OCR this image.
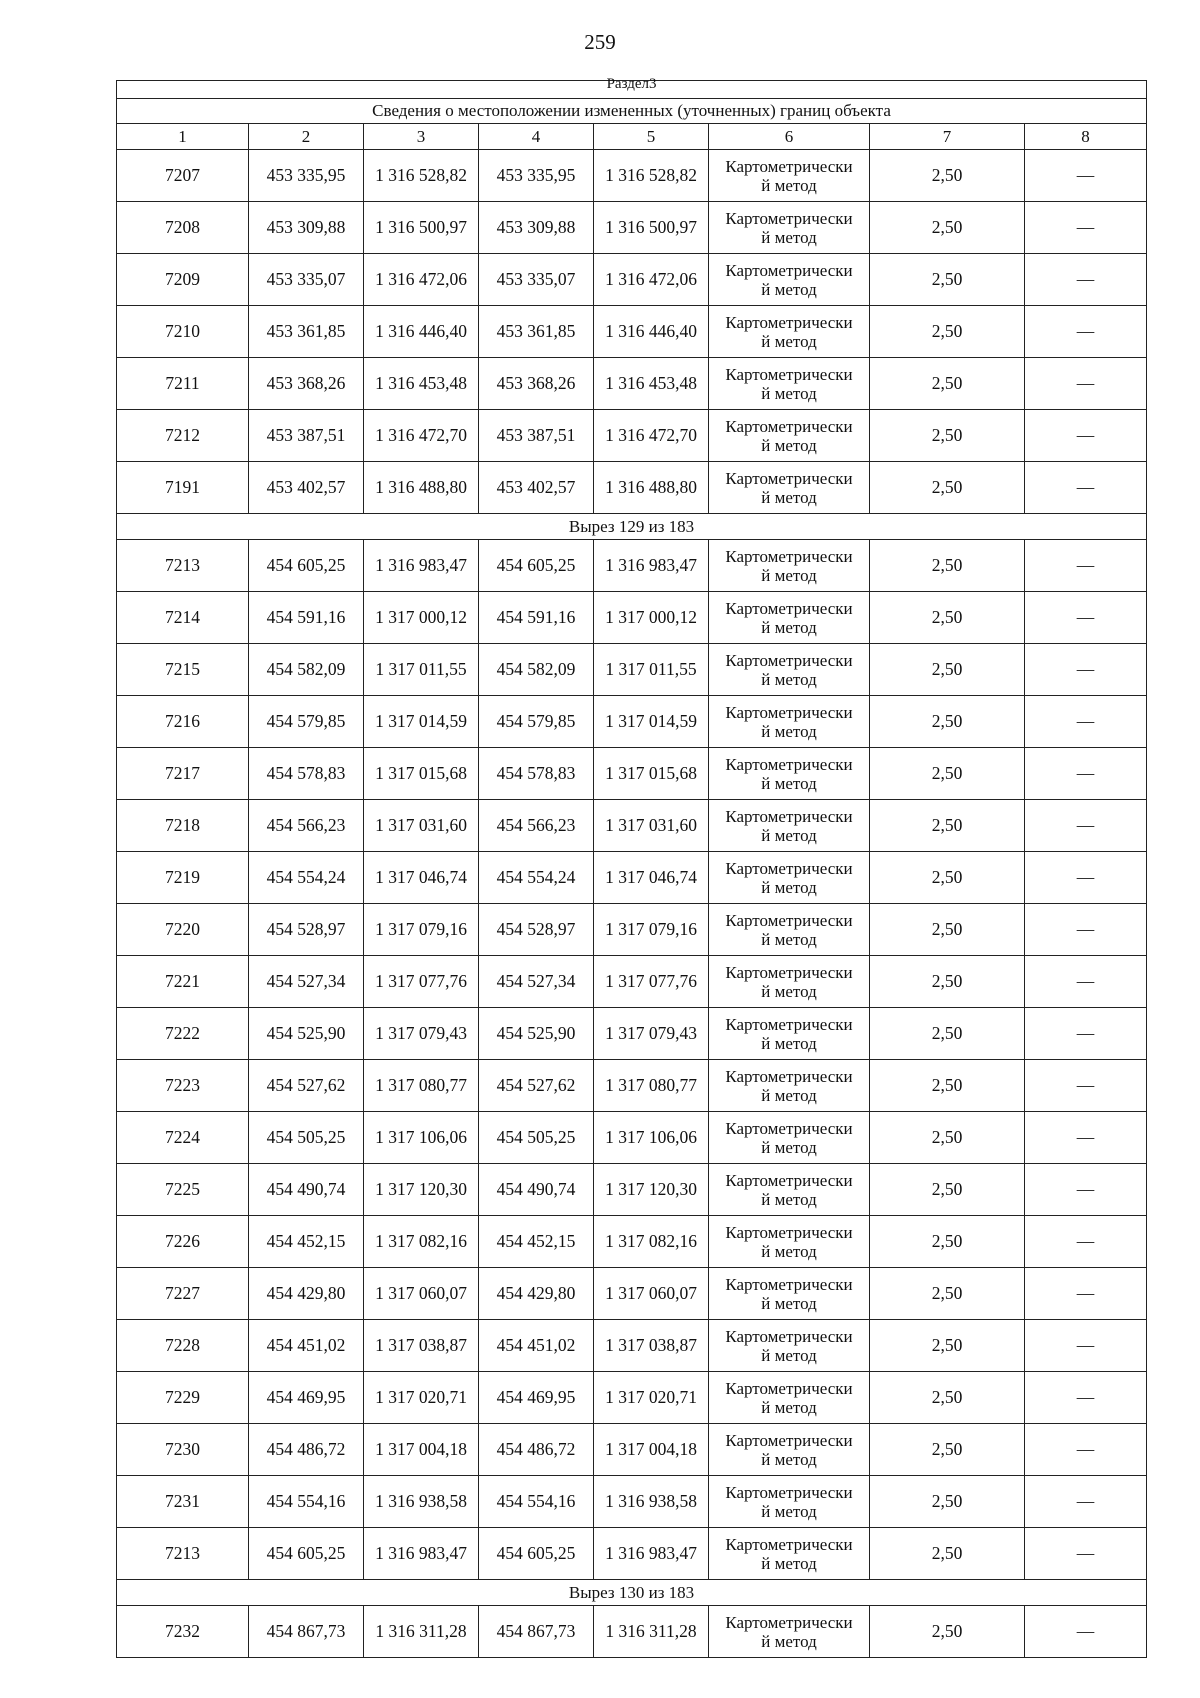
259
Раздел3							
Сведения о местоположении измененных (уточненных) границ объекта							
1	2	3	4	5	6	7	8
7207	453 335,95	1 316 528,82	453 335,95	1 316 528,82	Картометрически
й метод	2,50	—
7208	453 309,88	1 316 500,97	453 309,88	1 316 500,97	Картометрически
й метод	2,50	—
7209	453 335,07	1 316 472,06	453 335,07	1 316 472,06	Картометрически
й метод	2,50	—
7210	453 361,85	1 316 446,40	453 361,85	1 316 446,40	Картометрически
й метод	2,50	—
7211	453 368,26	1 316 453,48	453 368,26	1 316 453,48	Картометрически
й метод	2,50	—
7212	453 387,51	1 316 472,70	453 387,51	1 316 472,70	Картометрически
й метод	2,50	—
7191	453 402,57	1 316 488,80	453 402,57	1 316 488,80	Картометрически
й метод	2,50	—
Вырез 129 из 183							
7213	454 605,25	1 316 983,47	454 605,25	1 316 983,47	Картометрически
й метод	2,50	—
7214	454 591,16	1 317 000,12	454 591,16	1 317 000,12	Картометрически
й метод	2,50	—
7215	454 582,09	1 317 011,55	454 582,09	1 317 011,55	Картометрически
й метод	2,50	—
7216	454 579,85	1 317 014,59	454 579,85	1 317 014,59	Картометрически
й метод	2,50	—
7217	454 578,83	1 317 015,68	454 578,83	1 317 015,68	Картометрически
й метод	2,50	—
7218	454 566,23	1 317 031,60	454 566,23	1 317 031,60	Картометрически
й метод	2,50	—
7219	454 554,24	1 317 046,74	454 554,24	1 317 046,74	Картометрически
й метод	2,50	—
7220	454 528,97	1 317 079,16	454 528,97	1 317 079,16	Картометрически
й метод	2,50	—
7221	454 527,34	1 317 077,76	454 527,34	1 317 077,76	Картометрически
й метод	2,50	—
7222	454 525,90	1 317 079,43	454 525,90	1 317 079,43	Картометрически
й метод	2,50	—
7223	454 527,62	1 317 080,77	454 527,62	1 317 080,77	Картометрически
й метод	2,50	—
7224	454 505,25	1 317 106,06	454 505,25	1 317 106,06	Картометрически
й метод	2,50	—
7225	454 490,74	1 317 120,30	454 490,74	1 317 120,30	Картометрически
й метод	2,50	—
7226	454 452,15	1 317 082,16	454 452,15	1 317 082,16	Картометрически
й метод	2,50	—
7227	454 429,80	1 317 060,07	454 429,80	1 317 060,07	Картометрически
й метод	2,50	—
7228	454 451,02	1 317 038,87	454 451,02	1 317 038,87	Картометрически
й метод	2,50	—
7229	454 469,95	1 317 020,71	454 469,95	1 317 020,71	Картометрически
й метод	2,50	—
7230	454 486,72	1 317 004,18	454 486,72	1 317 004,18	Картометрически
й метод	2,50	—
7231	454 554,16	1 316 938,58	454 554,16	1 316 938,58	Картометрически
й метод	2,50	—
7213	454 605,25	1 316 983,47	454 605,25	1 316 983,47	Картометрически
й метод	2,50	—
Вырез 130 из 183							
7232	454 867,73	1 316 311,28	454 867,73	1 316 311,28	Картометрически
й метод	2,50	—
